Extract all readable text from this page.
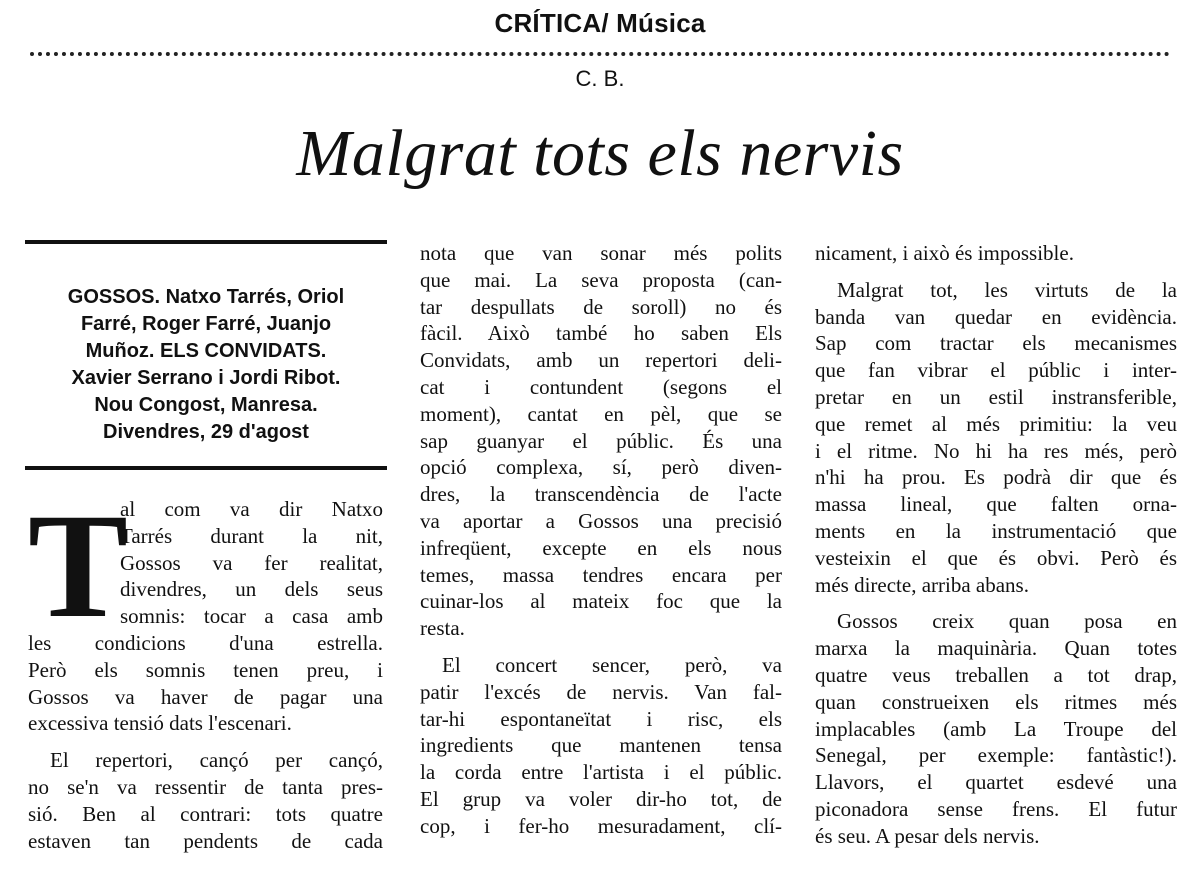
CRÍTICA/ Música
C. B.
Malgrat tots els nervis
GOSSOS. Natxo Tarrés, Oriol
Farré, Roger Farré, Juanjo
Muñoz. ELS CONVIDATS.
Xavier Serrano i Jordi Ribot.
Nou Congost, Manresa.
Divendres, 29 d'agost
T
al com va dir Natxo
Tarrés durant la nit,
Gossos va fer realitat,
divendres, un dels seus
somnis: tocar a casa amb
les condicions d'una estrella.
Però els somnis tenen preu, i
Gossos va haver de pagar una
excessiva tensió dats l'escenari.
El repertori, cançó per cançó,
no se'n va ressentir de tanta pres-
sió. Ben al contrari: tots quatre
estaven tan pendents de cada
nota que van sonar més polits
que mai. La seva proposta (can-
tar despullats de soroll) no és
fàcil. Això també ho saben Els
Convidats, amb un repertori deli-
cat i contundent (segons el
moment), cantat en pèl, que se
sap guanyar el públic. És una
opció complexa, sí, però diven-
dres, la transcendència de l'acte
va aportar a Gossos una precisió
infreqüent, excepte en els nous
temes, massa tendres encara per
cuinar-los al mateix foc que la
resta.
El concert sencer, però, va
patir l'excés de nervis. Van fal-
tar-hi espontaneïtat i risc, els
ingredients que mantenen tensa
la corda entre l'artista i el públic.
El grup va voler dir-ho tot, de
cop, i fer-ho mesuradament, clí-
nicament, i això és impossible.
Malgrat tot, les virtuts de la
banda van quedar en evidència.
Sap com tractar els mecanismes
que fan vibrar el públic i inter-
pretar en un estil instransferible,
que remet al més primitiu: la veu
i el ritme. No hi ha res més, però
n'hi ha prou. Es podrà dir que és
massa lineal, que falten orna-
ments en la instrumentació que
vesteixin el que és obvi. Però és
més directe, arriba abans.
Gossos creix quan posa en
marxa la maquinària. Quan totes
quatre veus treballen a tot drap,
quan construeixen els ritmes més
implacables (amb La Troupe del
Senegal, per exemple: fantàstic!).
Llavors, el quartet esdevé una
piconadora sense frens. El futur
és seu. A pesar dels nervis.
